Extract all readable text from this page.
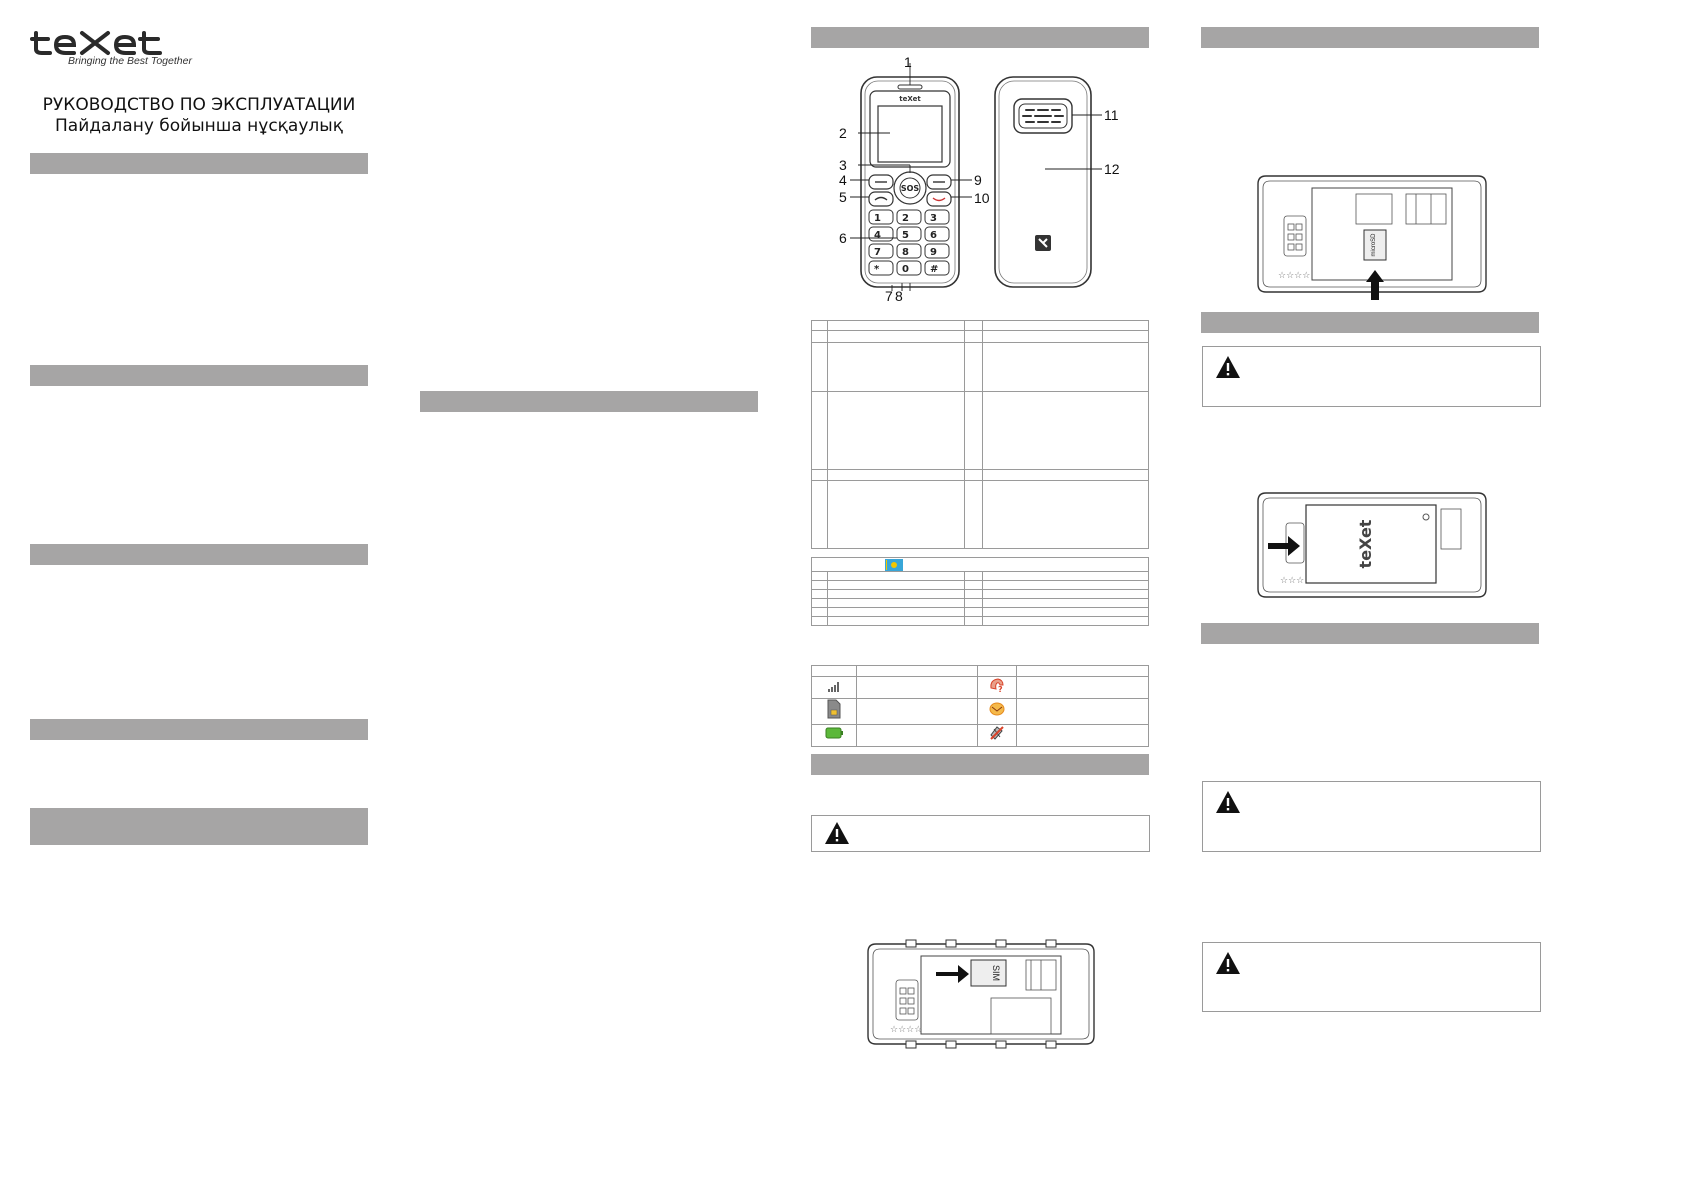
Bringing the Best Together
РУКОВОДСТВО ПО ЭКСПЛУАТАЦИИ
Пайдалану бойынша нұсқаулық
teXet
SOS
1 2 3
4 5 6
7 8 9
* 0 #
1
2
3
4
5
6
7 8
9
10
11
12

?	

SIM
☆☆☆☆
microSD
☆☆☆☆
teXet
☆☆☆
